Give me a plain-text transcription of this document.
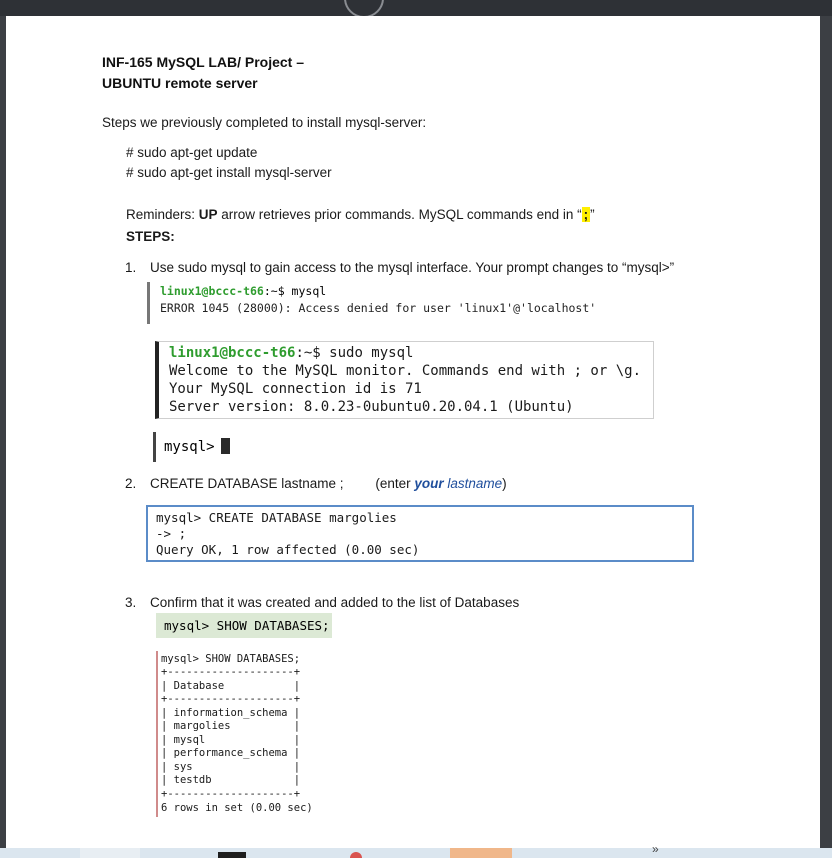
INF-165 MySQL LAB/ Project –
UBUNTU remote server
Steps we previously completed to install mysql-server:
# sudo apt-get update
# sudo apt-get install mysql-server
Reminders: UP arrow retrieves prior commands. MySQL commands end in “ ; ”
STEPS:
1. Use sudo mysql to gain access to the mysql interface. Your prompt changes to “mysql>”
linux1@bccc-t66:~$ mysql
ERROR 1045 (28000): Access denied for user 'linux1'@'localhost'
linux1@bccc-t66:~$ sudo mysql
Welcome to the MySQL monitor. Commands end with ; or \g.
Your MySQL connection id is 71
Server version: 8.0.23-0ubuntu0.20.04.1 (Ubuntu)
mysql>
2. CREATE DATABASE lastname ; (enter your lastname)
mysql> CREATE DATABASE margolies
-> ;
Query OK, 1 row affected (0.00 sec)
3. Confirm that it was created and added to the list of Databases
mysql> SHOW DATABASES;
mysql> SHOW DATABASES;
+--------------------+
| Database           |
+--------------------+
| information_schema |
| margolies          |
| mysql              |
| performance_schema |
| sys                |
| testdb             |
+--------------------+
6 rows in set (0.00 sec)
»
